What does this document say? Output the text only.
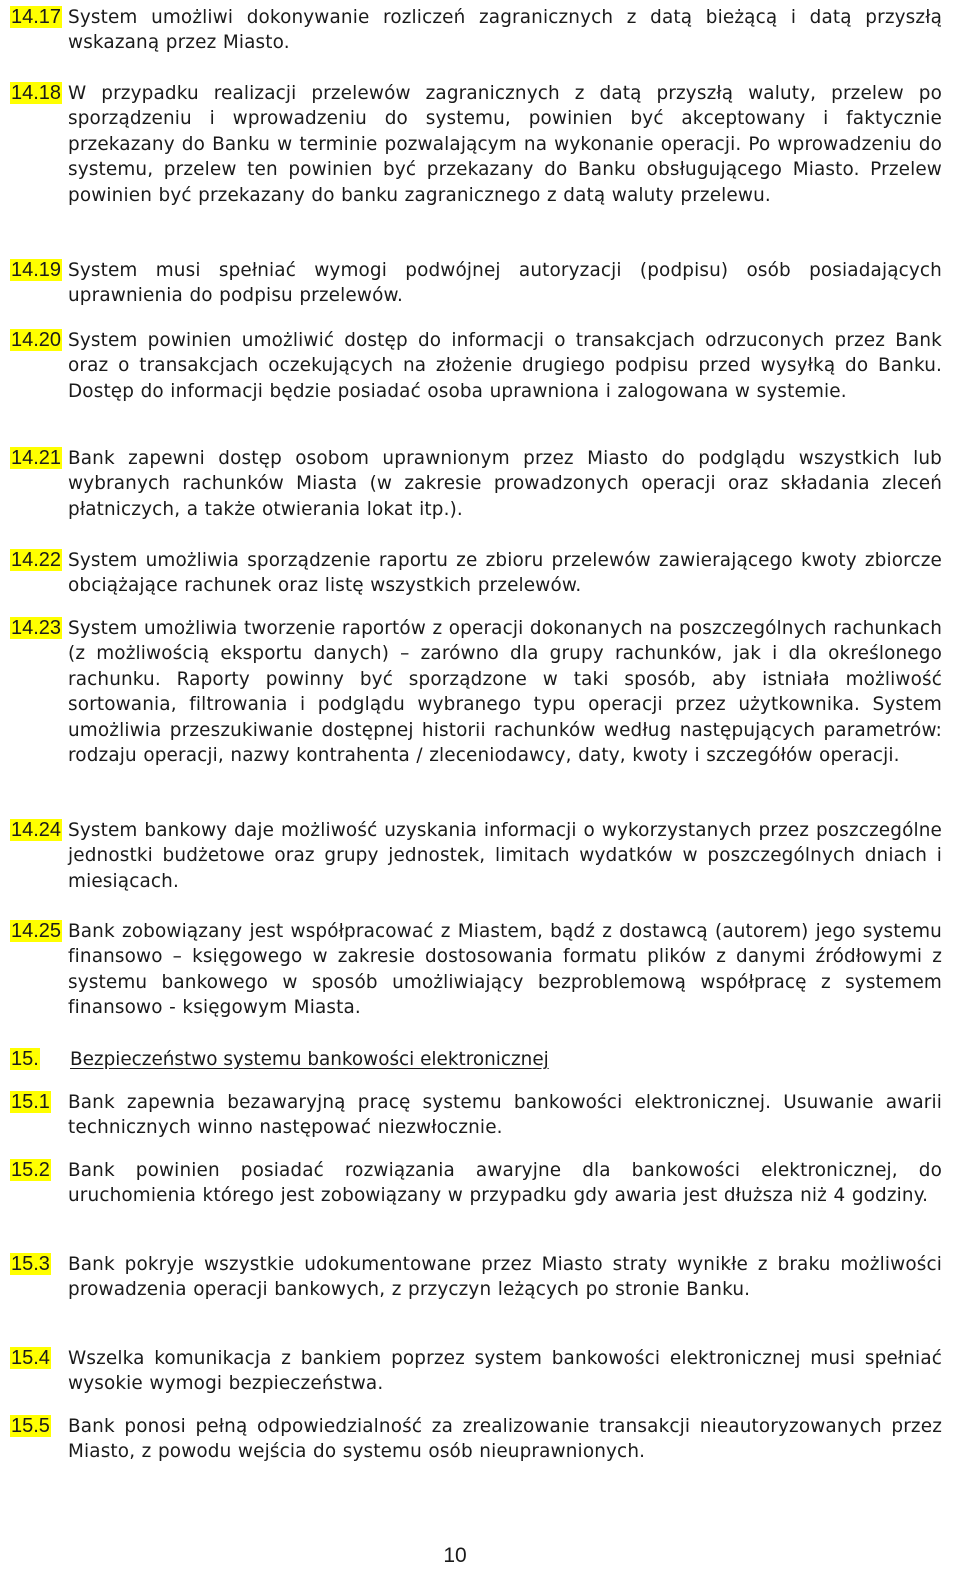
14.17 System umożliwi dokonywanie rozliczeń zagranicznych z datą bieżącą i datą przyszłą wskazaną przez Miasto.
14.18 W przypadku realizacji przelewów zagranicznych z datą przyszłą waluty, przelew po sporządzeniu i wprowadzeniu do systemu, powinien być akceptowany i faktycznie przekazany do Banku w terminie pozwalającym na wykonanie operacji. Po wprowadzeniu do systemu, przelew ten powinien być przekazany do Banku obsługującego Miasto. Przelew powinien być przekazany do banku zagranicznego z datą waluty przelewu.
14.19 System musi spełniać wymogi podwójnej autoryzacji (podpisu) osób posiadających uprawnienia do podpisu przelewów.
14.20 System powinien umożliwić dostęp do informacji o transakcjach odrzuconych przez Bank oraz o transakcjach oczekujących na złożenie drugiego podpisu przed wysyłką do Banku. Dostęp do informacji będzie posiadać osoba uprawniona i zalogowana w systemie.
14.21 Bank zapewni dostęp osobom uprawnionym przez Miasto do podglądu wszystkich lub wybranych rachunków Miasta (w zakresie prowadzonych operacji oraz składania zleceń płatniczych, a także otwierania lokat itp.).
14.22 System umożliwia sporządzenie raportu ze zbioru przelewów zawierającego kwoty zbiorcze obciążające rachunek oraz listę wszystkich przelewów.
14.23 System umożliwia tworzenie raportów z operacji dokonanych na poszczególnych rachunkach (z możliwością eksportu danych) – zarówno dla grupy rachunków, jak i dla określonego rachunku. Raporty powinny być sporządzone w taki sposób, aby istniała możliwość sortowania, filtrowania i podglądu wybranego typu operacji przez użytkownika. System umożliwia przeszukiwanie dostępnej historii rachunków według następujących parametrów: rodzaju operacji, nazwy kontrahenta / zleceniodawcy, daty, kwoty i szczegółów operacji.
14.24 System bankowy daje możliwość uzyskania informacji o wykorzystanych przez poszczególne jednostki budżetowe oraz grupy jednostek, limitach wydatków w poszczególnych dniach i miesiącach.
14.25 Bank zobowiązany jest współpracować z Miastem, bądź z dostawcą (autorem) jego systemu finansowo – księgowego w zakresie dostosowania formatu plików z danymi źródłowymi z systemu bankowego w sposób umożliwiający bezproblemową współpracę z systemem finansowo - księgowym Miasta.
15.	Bezpieczeństwo systemu bankowości elektronicznej
15.1 Bank zapewnia bezawaryjną pracę systemu bankowości elektronicznej. Usuwanie awarii technicznych winno następować niezwłocznie.
15.2 Bank powinien posiadać rozwiązania awaryjne dla bankowości elektronicznej, do uruchomienia którego jest zobowiązany w przypadku gdy awaria jest dłuższa niż 4 godziny.
15.3 Bank pokryje wszystkie udokumentowane przez Miasto straty wynikłe z braku możliwości prowadzenia operacji bankowych, z przyczyn leżących po stronie Banku.
15.4 Wszelka komunikacja z bankiem poprzez system bankowości elektronicznej musi spełniać wysokie wymogi bezpieczeństwa.
15.5 Bank ponosi pełną odpowiedzialność za zrealizowanie transakcji nieautoryzowanych przez Miasto, z powodu wejścia do systemu osób nieuprawnionych.
10
